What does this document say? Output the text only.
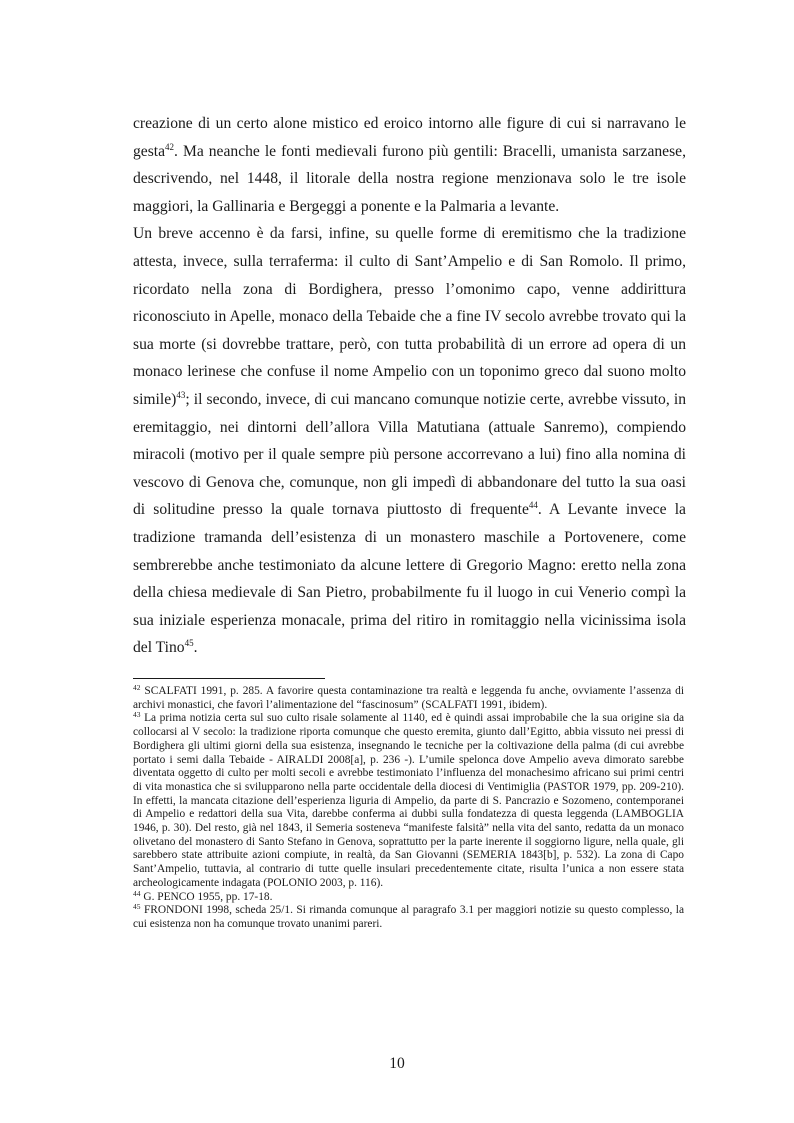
creazione di un certo alone mistico ed eroico intorno alle figure di cui si narravano le gesta$^{42}$. Ma neanche le fonti medievali furono più gentili: Bracelli, umanista sarzanese, descrivendo, nel 1448, il litorale della nostra regione menzionava solo le tre isole maggiori, la Gallinaria e Bergeggi a ponente e la Palmaria a levante.

Un breve accenno è da farsi, infine, su quelle forme di eremitismo che la tradizione attesta, invece, sulla terraferma: il culto di Sant’Ampelio e di San Romolo. Il primo, ricordato nella zona di Bordighera, presso l’omonimo capo, venne addirittura riconosciuto in Apelle, monaco della Tebaide che a fine IV secolo avrebbe trovato qui la sua morte (si dovrebbe trattare, però, con tutta probabilità di un errore ad opera di un monaco lerinese che confuse il nome Ampelio con un toponimo greco dal suono molto simile)$^{43}$; il secondo, invece, di cui mancano comunque notizie certe, avrebbe vissuto, in eremitaggio, nei dintorni dell’allora Villa Matutiana (attuale Sanremo), compiendo miracoli (motivo per il quale sempre più persone accorrevano a lui) fino alla nomina di vescovo di Genova che, comunque, non gli impedì di abbandonare del tutto la sua oasi di solitudine presso la quale tornava piuttosto di frequente$^{44}$. A Levante invece la tradizione tramanda dell’esistenza di un monastero maschile a Portovenere, come sembrerebbe anche testimoniato da alcune lettere di Gregorio Magno: eretto nella zona della chiesa medievale di San Pietro, probabilmente fu il luogo in cui Venerio compì la sua iniziale esperienza monacale, prima del ritiro in romitaggio nella vicinissima isola del Tino$^{45}$.

$^{42}$ SCALFATI 1991, p. 285. A favorire questa contaminazione tra realtà e leggenda fu anche, ovviamente l’assenza di archivi monastici, che favorì l’alimentazione del “fascinosum” (SCALFATI 1991, ibidem).

$^{43}$ La prima notizia certa sul suo culto risale solamente al 1140, ed è quindi assai improbabile che la sua origine sia da collocarsi al V secolo: la tradizione riporta comunque che questo eremita, giunto dall’Egitto, abbia vissuto nei pressi di Bordighera gli ultimi giorni della sua esistenza, insegnando le tecniche per la coltivazione della palma (di cui avrebbe portato i semi dalla Tebaide - AIRALDI 2008[a], p. 236 -). L’umile spelonca dove Ampelio aveva dimorato sarebbe diventata oggetto di culto per molti secoli e avrebbe testimoniato l’influenza del monachesimo africano sui primi centri di vita monastica che si svilupparono nella parte occidentale della diocesi di Ventimiglia (PASTOR 1979, pp. 209-210). In effetti, la mancata citazione dell’esperienza liguria di Ampelio, da parte di S. Pancrazio e Sozomeno, contemporanei di Ampelio e redattori della sua Vita, darebbe conferma ai dubbi sulla fondatezza di questa leggenda (LAMBOGLIA 1946, p. 30). Del resto, già nel 1843, il Semeria sosteneva “manifeste falsità” nella vita del santo, redatta da un monaco olivetano del monastero di Santo Stefano in Genova, soprattutto per la parte inerente il soggiorno ligure, nella quale, gli sarebbero state attribuite azioni compiute, in realtà, da San Giovanni (SEMERIA 1843[b], p. 532). La zona di Capo Sant’Ampelio, tuttavia, al contrario di tutte quelle insulari precedentemente citate, risulta l’unica a non essere stata archeologicamente indagata (POLONIO 2003, p. 116).

$^{44}$ G. PENCO 1955, pp. 17-18.

$^{45}$ FRONDONI 1998, scheda 25/1. Si rimanda comunque al paragrafo 3.1 per maggiori notizie su questo complesso, la cui esistenza non ha comunque trovato unanimi pareri.

10
